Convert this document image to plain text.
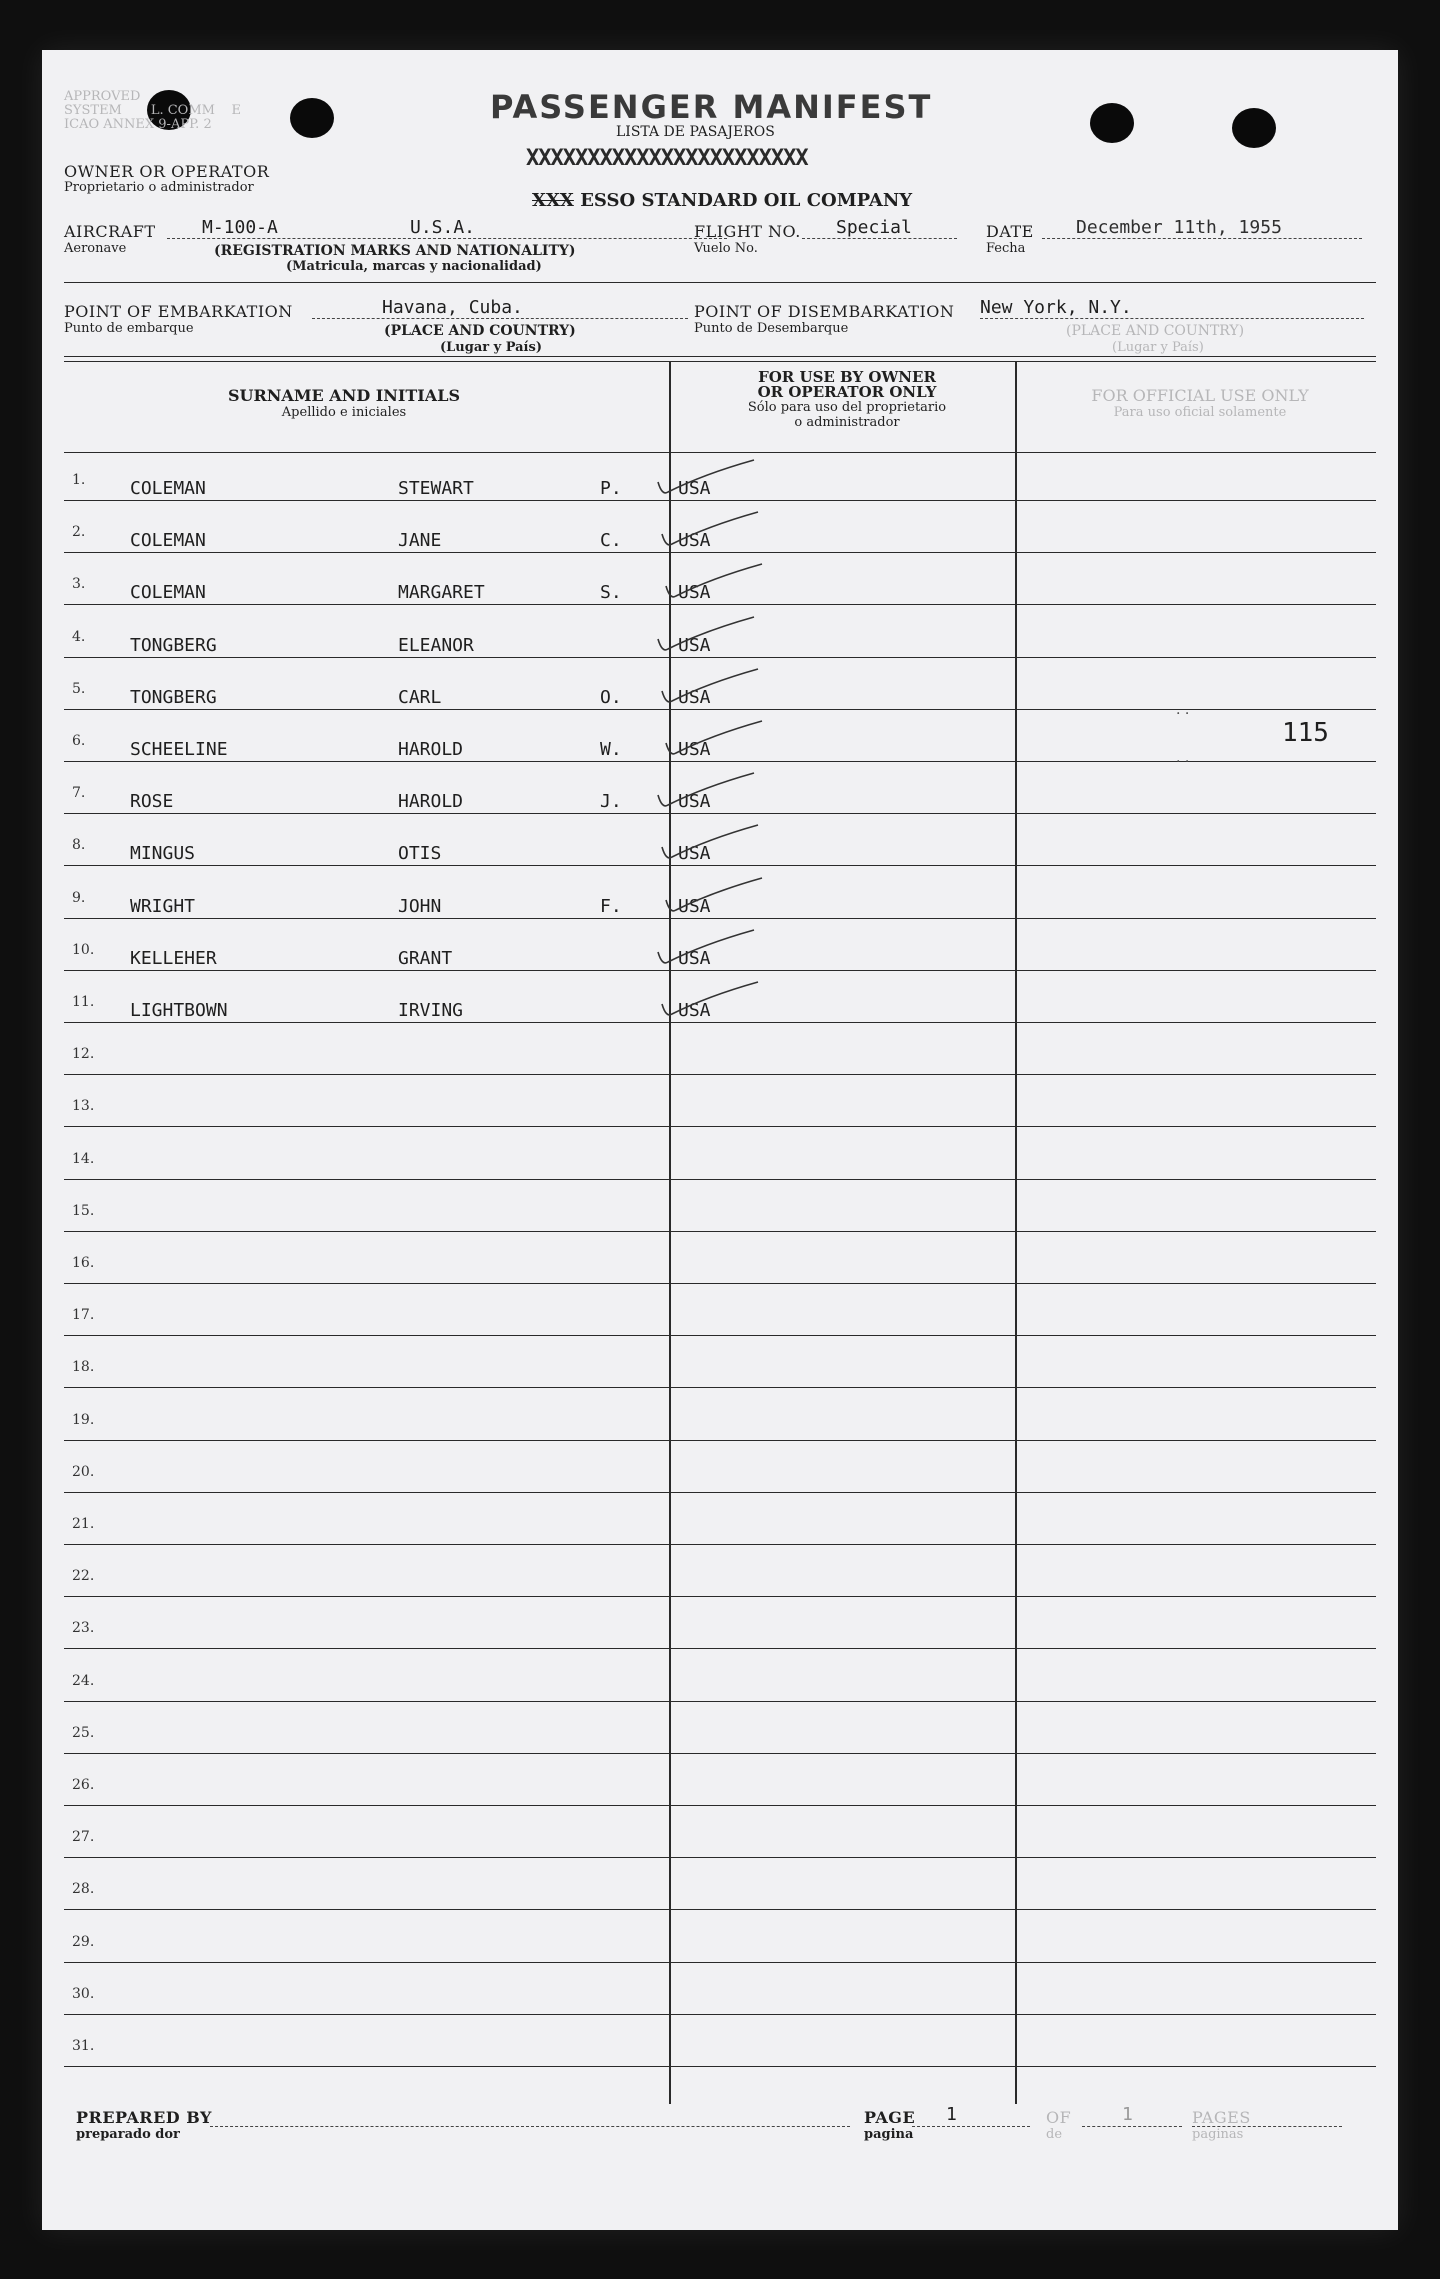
APPROVED
SYSTEM L. COMM E
ICAO ANNEX 9-APP. 2	PASSENGER MANIFEST
LISTA DE PASAJEROS
XXXXXXXXXXXXXXXXXXXXXXX
OWNER OR OPERATOR
Proprietario o administrador
XXX ESSO STANDARD OIL COMPANY
AIRCRAFT
Aeronave
M-100-A	U.S.A.
(REGISTRATION MARKS AND NATIONALITY)
(Matricula, marcas y nacionalidad)
FLIGHT NO.
Vuelo No.
Special	DATE
Fecha
December 11th, 1955
POINT OF EMBARKATION
Punto de embarque
Havana, Cuba.
(PLACE AND COUNTRY)
(Lugar y País)
POINT OF DISEMBARKATION
Punto de Desembarque
New York, N.Y.
(PLACE AND COUNTRY)
(Lugar y País)
SURNAME AND INITIALS
Apellido e iniciales
FOR USE BY OWNER
OR OPERATOR ONLY
Sólo para uso del proprietario
o administrador
FOR OFFICIAL USE ONLY
Para uso oficial solamente
1. COLEMAN	STEWART	P.	USA
2. COLEMAN	JANE	C.	USA
3. COLEMAN	MARGARET	S.	USA
4. TONGBERG	ELEANOR	USA
5. TONGBERG	CARL	O.	USA
6. SCHEELINE	HAROLD	W.	USA
7. ROSE	HAROLD	J.	USA
8. MINGUS	OTIS	USA
9. WRIGHT	JOHN	F.	USA
10. KELLEHER	GRANT	USA
11. LIGHTBOWN	IRVING	USA
12.
13.
14.
15.
16.
17.
18.
19.
20.
21.
22.
23.
24.
25.
26.
27.
28.
29.
30.
31.
115
. .
. .
PREPARED BY
preparado dor
PAGE
pagina
1	OF
de
1	PAGES
paginas
